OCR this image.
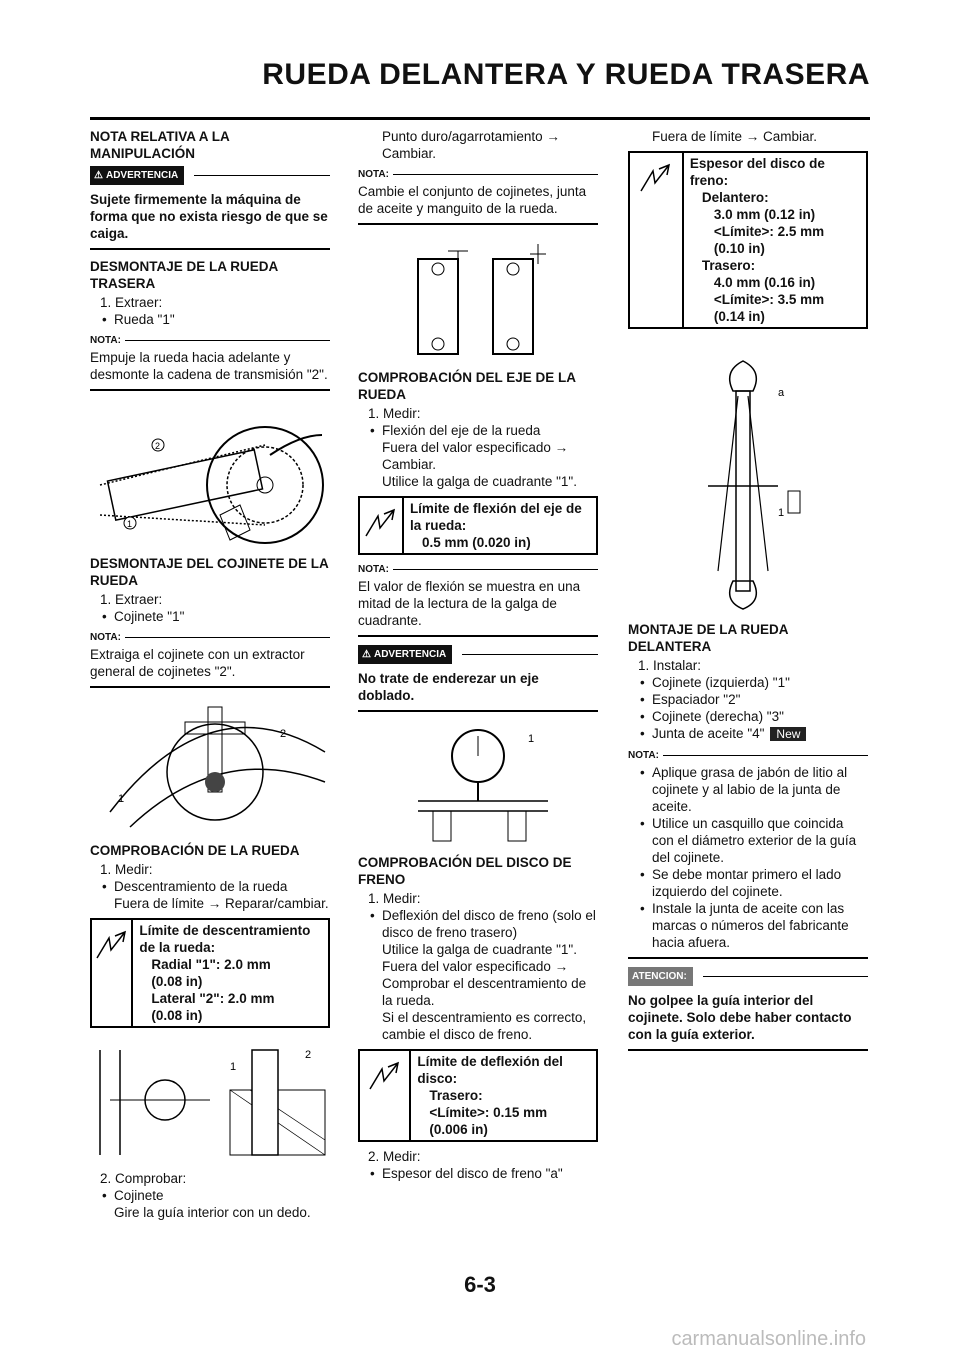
RUEDA DELANTERA Y RUEDA TRASERA
NOTA RELATIVA A LA MANIPULACIÓN
⚠ ADVERTENCIA

Sujete firmemente la máquina de forma que no exista riesgo de que se caiga.

DESMONTAJE DE LA RUEDA TRASERA

1. Extraer:

• Rueda "1"

NOTA:

Empuje la rueda hacia adelante y desmonte la cadena de transmisión "2".

2
1
DESMONTAJE DEL COJINETE DE LA RUEDA

1. Extraer:

• Cojinete "1"

NOTA:

Extraiga el cojinete con un extractor general de cojinetes "2".

2
1
COMPROBACIÓN DE LA RUEDA

1. Medir:

• Descentramiento de la rueda

Fuera de límite → Reparar/cambiar.

Límite de descentramiento de la rueda:
Radial "1": 2.0 mm
(0.08 in)
Lateral "2": 2.0 mm
(0.08 in)
1
2

2. Comprobar:

• Cojinete

Gire la guía interior con un dedo.

Punto duro/agarrotamiento →

Cambiar.

NOTA:

Cambie el conjunto de cojinetes, junta de aceite y manguito de la rueda.

COMPROBACIÓN DEL EJE DE LA RUEDA

1. Medir:

• Flexión del eje de la rueda

Fuera del valor especificado →

Cambiar.

Utilice la galga de cuadrante "1".

Límite de flexión del eje de la rueda:
0.5 mm (0.020 in)
NOTA:

El valor de flexión se muestra en una mitad de la lectura de la galga de cuadrante.

⚠ ADVERTENCIA

No trate de enderezar un eje doblado.

1
COMPROBACIÓN DEL DISCO DE FRENO

1. Medir:

• Deflexión del disco de freno (solo el disco de freno trasero)

Utilice la galga de cuadrante "1".

Fuera del valor especificado →

Comprobar el descentramiento de la rueda.

Si el descentramiento es correcto, cambie el disco de freno.

Límite de deflexión del disco:
Trasero:
<Límite>: 0.15 mm
(0.006 in)

2. Medir:

• Espesor del disco de freno "a"

Fuera de límite → Cambiar.

Espesor del disco de freno:
Delantero:
3.0 mm (0.12 in)
<Límite>: 2.5 mm
(0.10 in)
Trasero:
4.0 mm (0.16 in)
<Límite>: 3.5 mm
(0.14 in)
a
1
MONTAJE DE LA RUEDA DELANTERA

1. Instalar:

• Cojinete (izquierda) "1"

• Espaciador "2"

• Cojinete (derecha) "3"

• Junta de aceite "4" New

NOTA:

• Aplique grasa de jabón de litio al cojinete y al labio de la junta de aceite.

• Utilice un casquillo que coincida con el diámetro exterior de la guía del cojinete.

• Se debe montar primero el lado izquierdo del cojinete.

• Instale la junta de aceite con las marcas o números del fabricante hacia afuera.

ATENCION:

No golpee la guía interior del cojinete. Solo debe haber contacto con la guía exterior.

6-3
carmanualsonline.info
